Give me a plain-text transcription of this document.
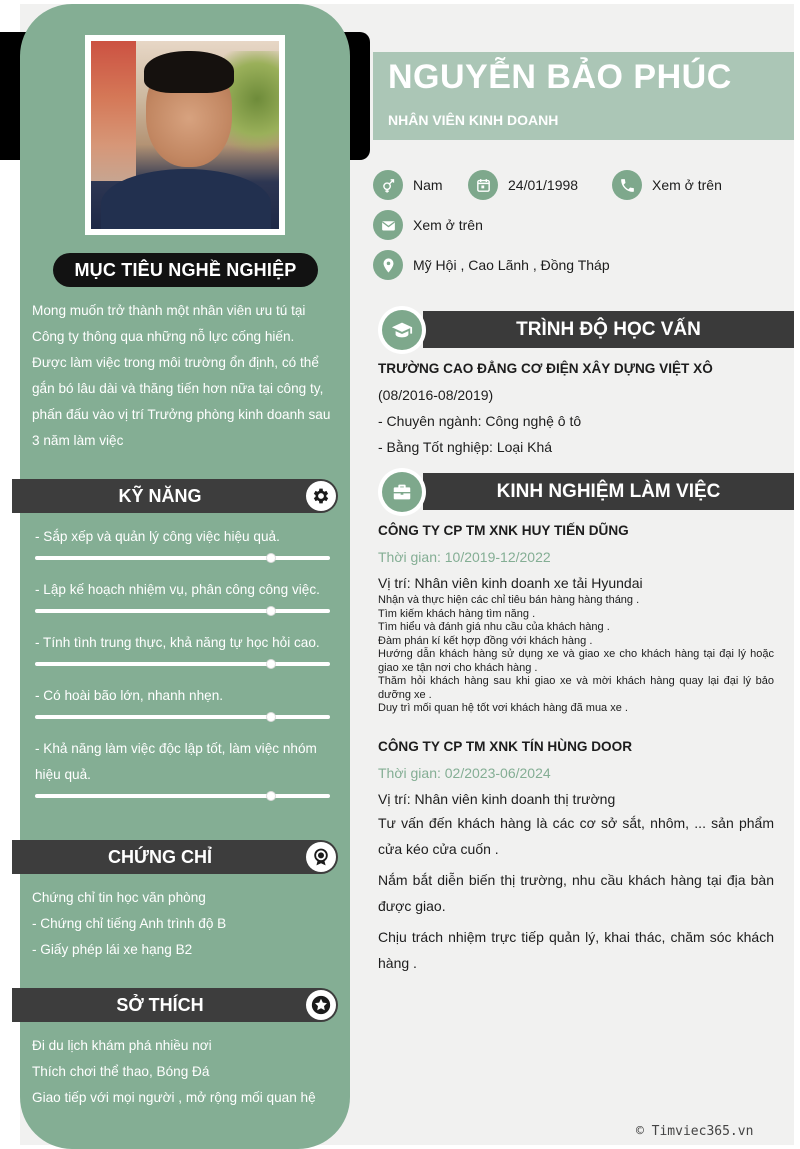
MỤC TIÊU NGHỀ NGHIỆP
Mong muốn trở thành một nhân viên ưu tú tại
Công ty thông qua những nỗ lực cống hiến.
Được làm việc trong môi trường ổn định, có thể
gắn bó lâu dài và thăng tiến hơn nữa tại công ty,
phấn đấu vào vị trí Trưởng phòng kinh doanh sau
3 năm làm việc
KỸ NĂNG
- Sắp xếp và quản lý công việc hiệu quả.
- Lập kế hoạch nhiệm vụ, phân công công việc.
- Tính tình trung thực, khả năng tự học hỏi cao.
- Có hoài bão lớn, nhanh nhẹn.
- Khả năng làm việc độc lập tốt, làm việc nhóm hiệu quả.
CHỨNG CHỈ
Chứng chỉ tin học văn phòng
- Chứng chỉ tiếng Anh trình độ B
- Giấy phép lái xe hạng B2
SỞ THÍCH
Đi du lịch khám phá nhiều nơi
Thích chơi thể thao, Bóng Đá
Giao tiếp với mọi người , mở rộng mối quan hệ
NGUYỄN BẢO PHÚC
NHÂN VIÊN KINH DOANH
Nam	24/01/1998	Xem ở trên
Xem ở trên
Mỹ Hội , Cao Lãnh , Đồng Tháp
TRÌNH ĐỘ HỌC VẤN
TRƯỜNG CAO ĐẲNG CƠ ĐIỆN XÂY DỰNG VIỆT XÔ
(08/2016-08/2019)
- Chuyên ngành: Công nghệ ô tô
- Bằng Tốt nghiệp: Loại Khá
KINH NGHIỆM LÀM VIỆC
CÔNG TY CP TM XNK HUY TIẾN DŨNG
Thời gian: 10/2019-12/2022
Vị trí: Nhân viên kinh doanh xe tải Hyundai
Nhận và thực hiện các chỉ tiêu bán hàng hàng tháng .
Tìm kiếm khách hàng tìm năng .
Tìm hiểu và đánh giá nhu cầu của khách hàng .
Đàm phán kí kết hợp đồng với khách hàng .
Hướng dẫn khách hàng sử dụng xe và giao xe cho khách hàng tại đại lý hoặc giao xe tận nơi cho khách hàng .
Thăm hỏi khách hàng sau khi giao xe và mời khách hàng quay lại đại lý bảo dưỡng xe .
Duy trì mối quan hệ tốt vơi khách hàng đã mua xe .
CÔNG TY CP TM XNK TÍN HÙNG DOOR
Thời gian: 02/2023-06/2024
Vị trí: Nhân viên kinh doanh thị trường
Tư vấn đến khách hàng là các cơ sở sắt, nhôm, ... sản phẩm cửa kéo cửa cuốn .
Nắm bắt diễn biến thị trường, nhu cầu khách hàng tại địa bàn được giao.
Chịu trách nhiệm trực tiếp quản lý, khai thác, chăm sóc khách hàng .
© Timviec365.vn
